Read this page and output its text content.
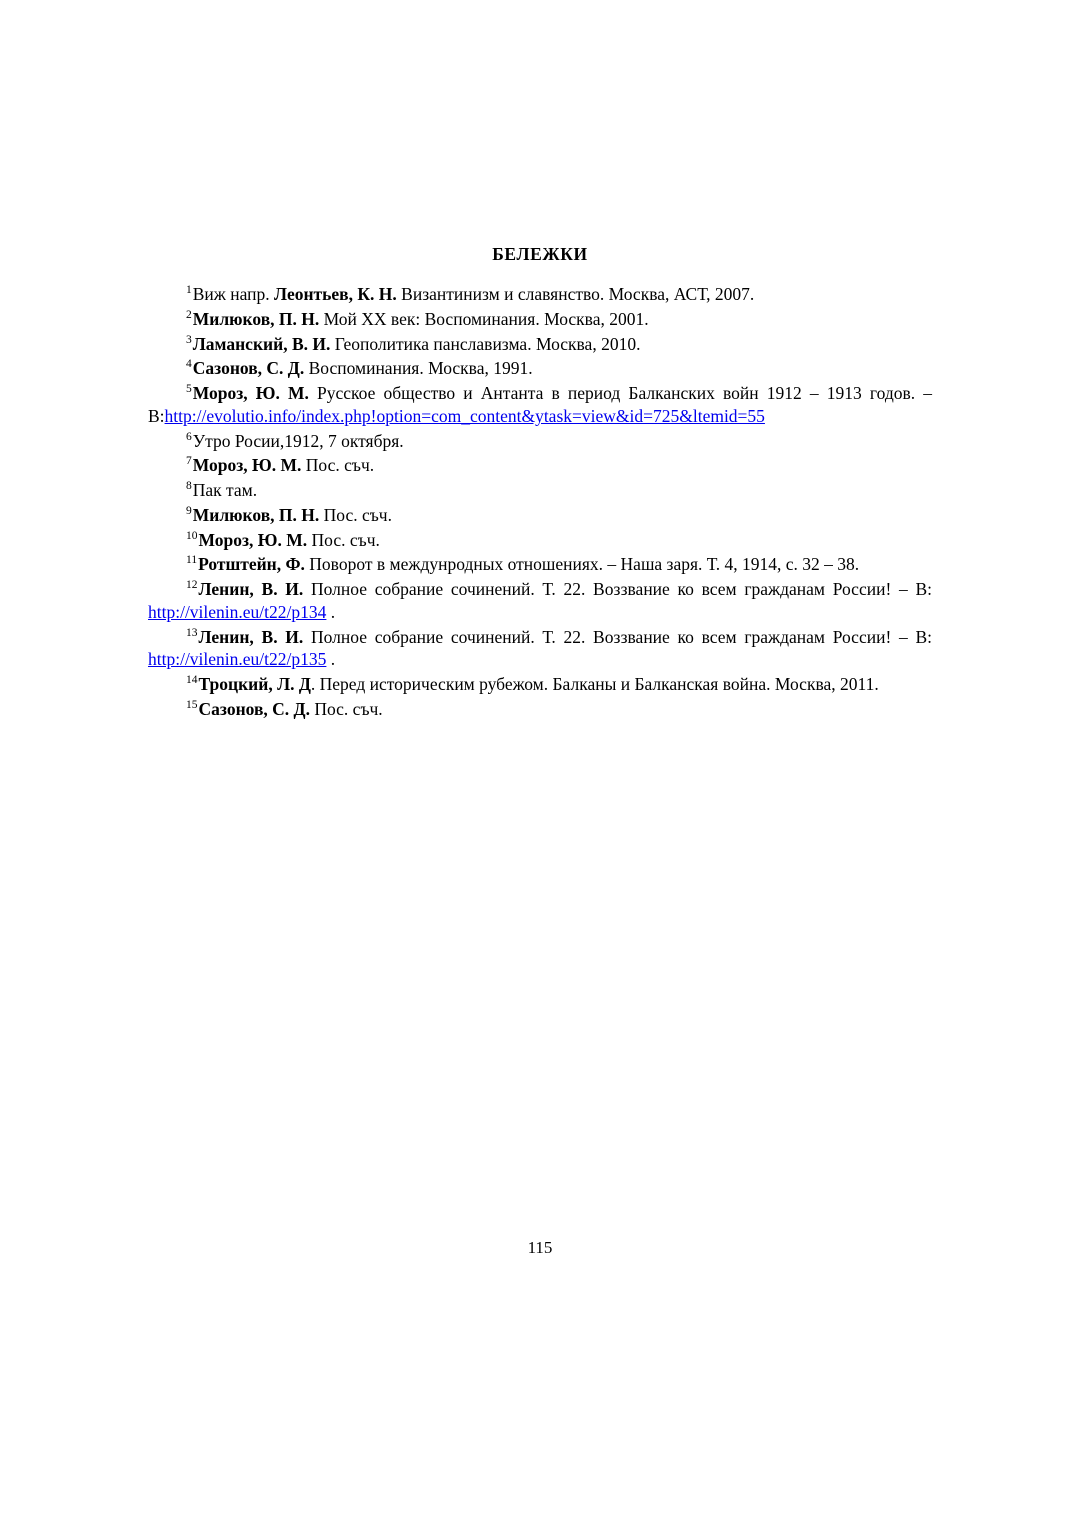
БЕЛЕЖКИ

$^1$Виж напр. Леонтьев, К. Н. Византинизм и славянство. Москва, АСТ, 2007.

$^2$Милюков, П. Н. Мой XX век: Воспоминания. Москва, 2001.

$^3$Ламанский, В. И. Геополитика панславизма. Москва, 2010.

$^4$Сазонов, С. Д. Воспоминания. Москва, 1991.

$^5$Мороз, Ю. М. Русское общество и Антанта в период Балканских войн 1912 – 1913 годов. – В:http://evolutio.info/index.php!option=com_content&ytask=view&id=725&ltemid=55

$^6$Утро Росии,1912, 7 октября.

$^7$Мороз, Ю. М. Пос. съч.

$^8$Пак там.

$^9$Милюков, П. Н. Пос. съч.

$^{10}$Мороз, Ю. М. Пос. съч.

$^{11}$Ротштейн, Ф. Поворот в междунродных отношениях. – Наша заря. Т. 4, 1914, с. 32 – 38.

$^{12}$Ленин, В. И. Полное собрание сочинений. Т. 22. Воззвание ко всем гражданам России! – В: http://vilenin.eu/t22/p134 .

$^{13}$Ленин, В. И. Полное собрание сочинений. Т. 22. Воззвание ко всем гражданам России! – В: http://vilenin.eu/t22/p135 .

$^{14}$Троцкий, Л. Д. Перед историческим рубежом. Балканы и Балканская война. Москва, 2011.

$^{15}$Сазонов, С. Д. Пос. съч.

115
